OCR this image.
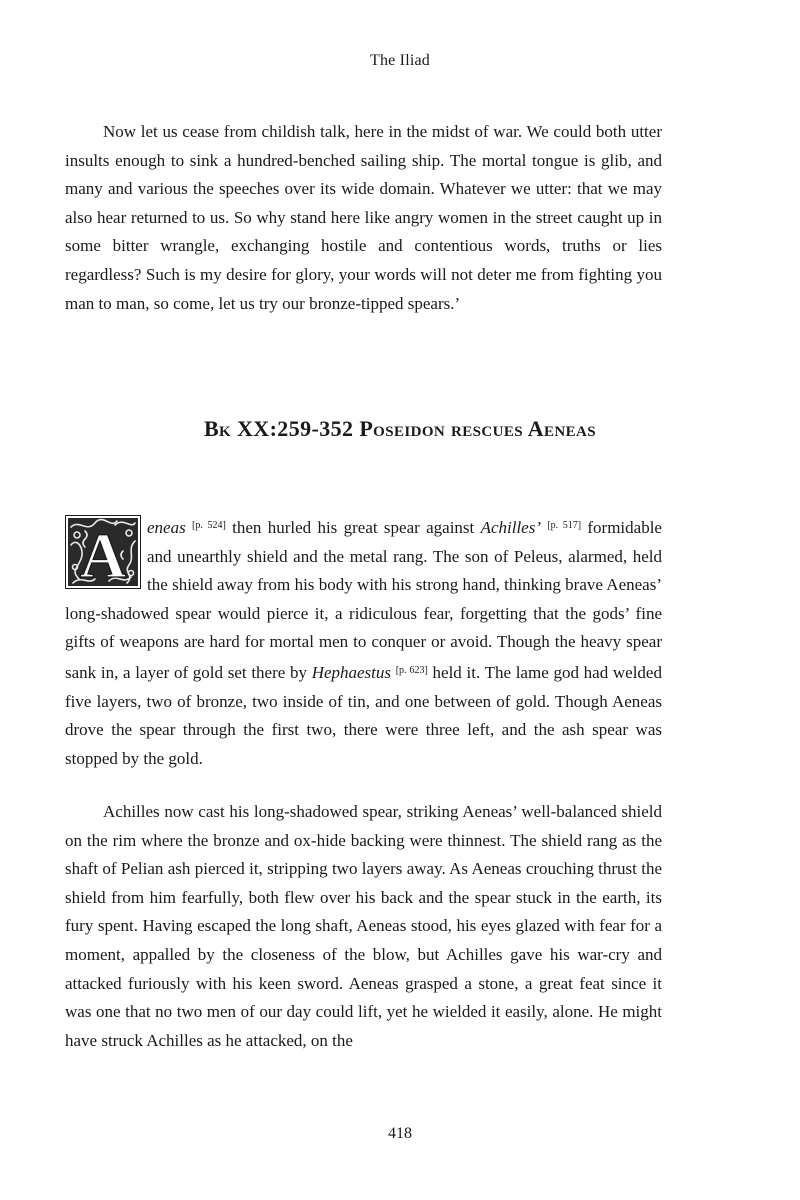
The Iliad

Now let us cease from childish talk, here in the midst of war. We could both utter insults enough to sink a hundred-benched sailing ship. The mortal tongue is glib, and many and various the speeches over its wide domain. Whatever we utter: that we may also hear returned to us. So why stand here like angry women in the street caught up in some bitter wrangle, exchanging hostile and contentious words, truths or lies regardless? Such is my desire for glory, your words will not deter me from fighting you man to man, so come, let us try our bronze-tipped spears.’

Bk XX:259-352 Poseidon rescues Aeneas
A	eneas [p. 524] then hurled his great spear against Achilles’ [p. 517] formidable and unearthly shield and the metal rang. The son of Peleus, alarmed, held the shield away from his body with his strong hand, thinking brave Aeneas’ long-shadowed spear would pierce it, a ridiculous fear, forgetting that the gods’ fine gifts of weapons are hard for mortal men to conquer or avoid. Though the heavy spear sank in, a layer of gold set there by Hephaestus [p. 623] held it. The lame god had welded five layers, two of bronze, two inside of tin, and one between of gold. Though Aeneas drove the spear through the first two, there were three left, and the ash spear was stopped by the gold.

Achilles now cast his long-shadowed spear, striking Aeneas’ well-balanced shield on the rim where the bronze and ox-hide backing were thinnest. The shield rang as the shaft of Pelian ash pierced it, stripping two layers away. As Aeneas crouching thrust the shield from him fearfully, both flew over his back and the spear stuck in the earth, its fury spent. Having escaped the long shaft, Aeneas stood, his eyes glazed with fear for a moment, appalled by the closeness of the blow, but Achilles gave his war-cry and attacked furiously with his keen sword. Aeneas grasped a stone, a great feat since it was one that no two men of our day could lift, yet he wielded it easily, alone. He might have struck Achilles as he attacked, on the

418
